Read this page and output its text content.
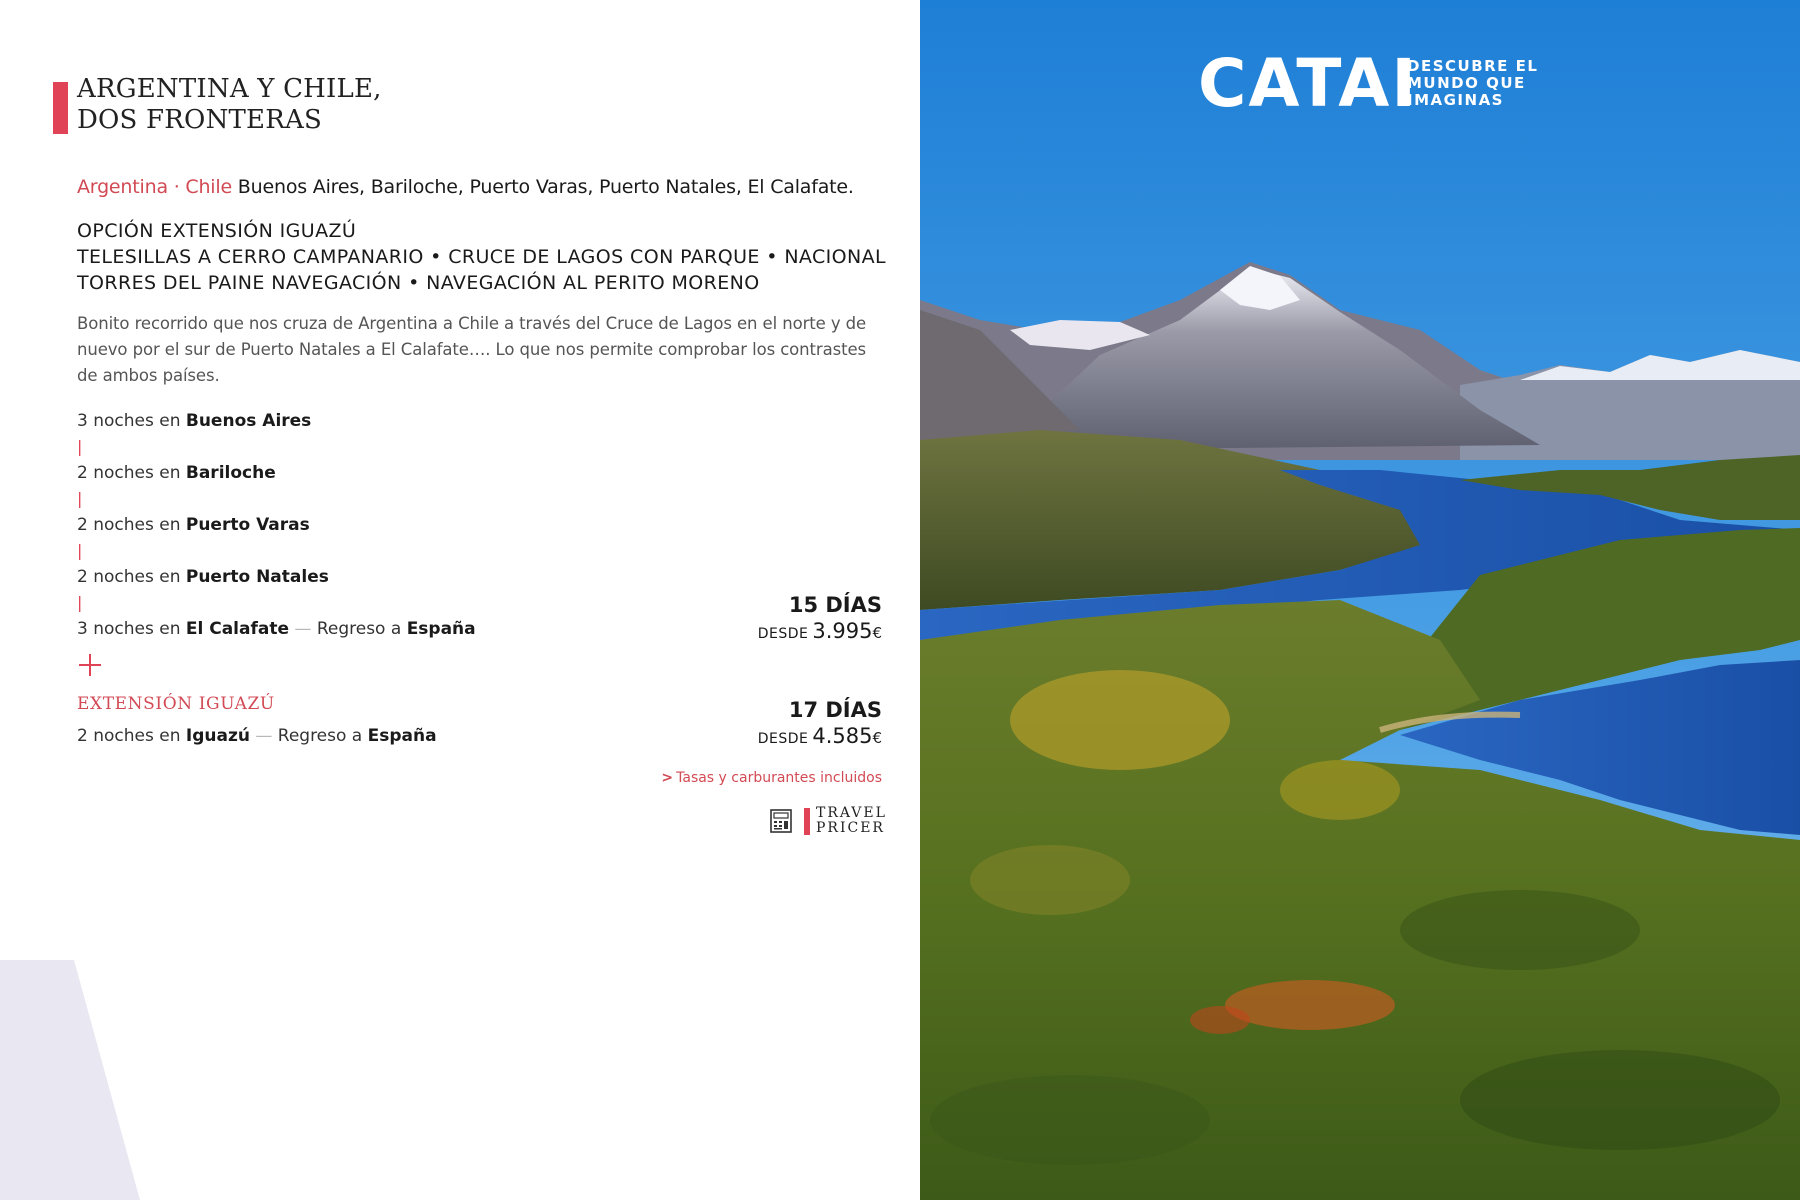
ARGENTINA Y CHILE,
DOS FRONTERAS
Argentina · Chile Buenos Aires, Bariloche, Puerto Varas, Puerto Natales, El Calafate.
OPCIÓN EXTENSIÓN IGUAZÚ
TELESILLAS A CERRO CAMPANARIO • CRUCE DE LAGOS CON PARQUE • NACIONAL
TORRES DEL PAINE NAVEGACIÓN • NAVEGACIÓN AL PERITO MORENO
Bonito recorrido que nos cruza de Argentina a Chile a través del Cruce de Lagos en el norte y de
nuevo por el sur de Puerto Natales a El Calafate…. Lo que nos permite comprobar los contrastes
de ambos países.
3 noches en Buenos Aires
|
2 noches en Bariloche
|
2 noches en Puerto Varas
|
2 noches en Puerto Natales
|
3 noches en El Calafate — Regreso a España
EXTENSIÓN IGUAZÚ
2 noches en Iguazú — Regreso a España
15 DÍAS
DESDE 3.995€
17 DÍAS
DESDE 4.585€
> Tasas y carburantes incluidos
TRAVEL
PRICER
CATAI
DESCUBRE EL
MUNDO QUE
IMAGINAS
